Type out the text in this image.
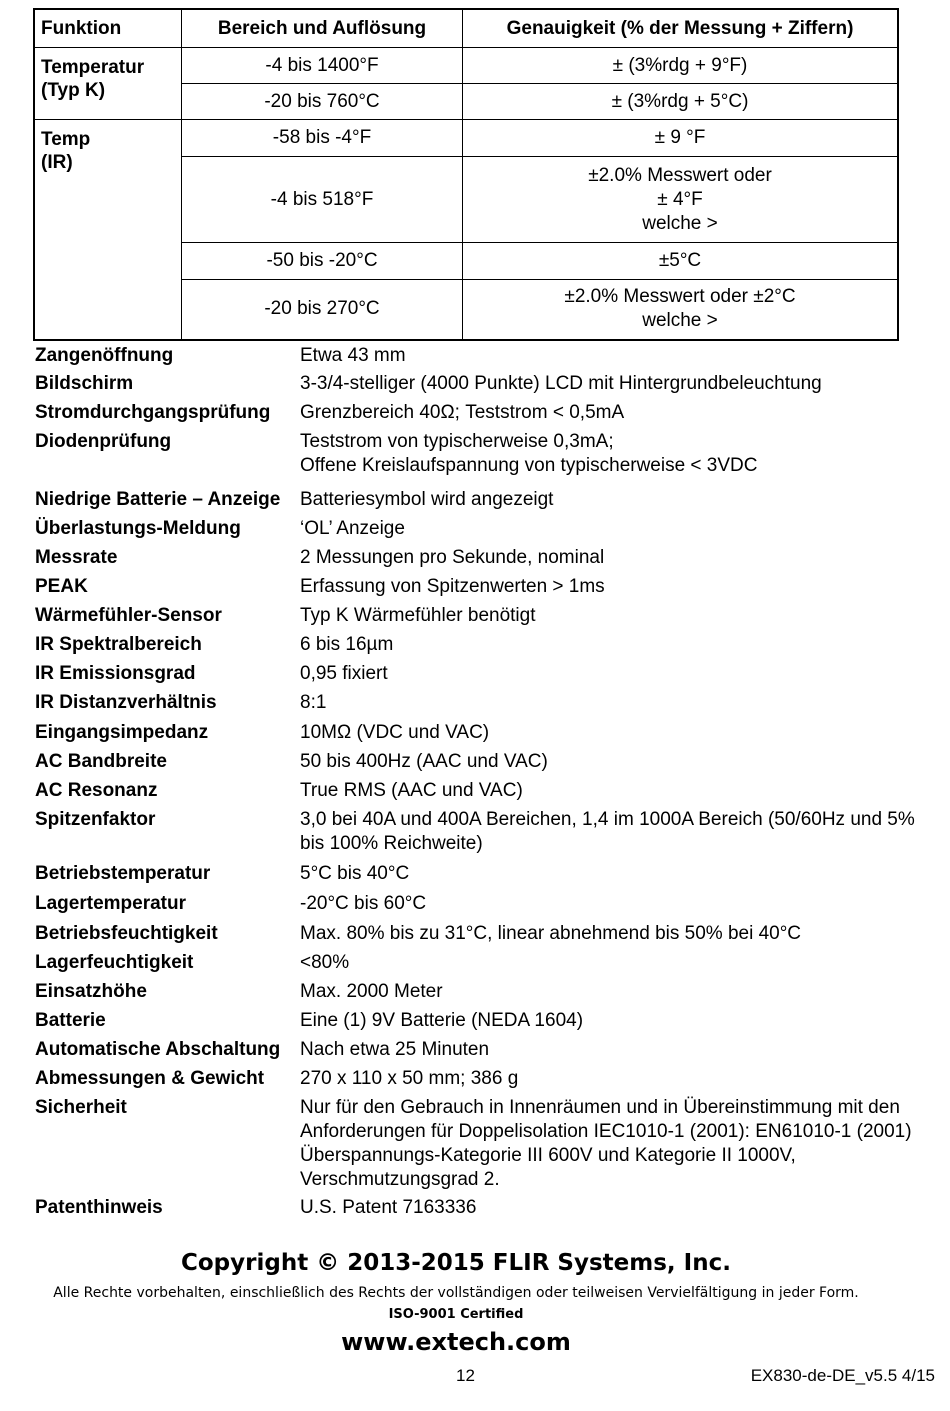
Funktion	Bereich und Auflösung	Genauigkeit (% der Messung + Ziffern)
Temperatur
(Typ K)	-4 bis 1400°F	± (3%rdg + 9°F)
	-20 bis 760°C	± (3%rdg + 5°C)
Temp
(IR)	-58 bis -4°F	± 9 °F
	-4 bis 518°F	±2.0% Messwert oder
± 4°F
welche >
	-50 bis -20°C	±5°C
	-20 bis 270°C	±2.0% Messwert oder ±2°C
welche >
Zangenöffnung	Etwa 43 mm
Bildschirm	3-3/4-stelliger (4000 Punkte) LCD mit Hintergrundbeleuchtung
Stromdurchgangsprüfung	Grenzbereich 40Ω; Teststrom < 0,5mA
Diodenprüfung	Teststrom von typischerweise 0,3mA;
Offene Kreislaufspannung von typischerweise < 3VDC
Niedrige Batterie – Anzeige	Batteriesymbol wird angezeigt
Überlastungs-Meldung	‘OL’ Anzeige
Messrate	2 Messungen pro Sekunde, nominal
PEAK	Erfassung von Spitzenwerten > 1ms
Wärmefühler-Sensor	Typ K Wärmefühler benötigt
IR Spektralbereich	6 bis 16µm
IR Emissionsgrad	0,95 fixiert
IR Distanzverhältnis	8:1
Eingangsimpedanz	10MΩ (VDC und VAC)
AC Bandbreite	50 bis 400Hz (AAC und VAC)
AC Resonanz	True RMS (AAC und VAC)
Spitzenfaktor	3,0 bei 40A und 400A Bereichen, 1,4 im 1000A Bereich (50/60Hz und 5% bis 100% Reichweite)
Betriebstemperatur	5°C bis 40°C
Lagertemperatur	-20°C bis 60°C
Betriebsfeuchtigkeit	Max. 80% bis zu 31°C, linear abnehmend bis 50% bei 40°C
Lagerfeuchtigkeit	<80%
Einsatzhöhe	Max. 2000 Meter
Batterie	Eine (1) 9V Batterie (NEDA 1604)
Automatische Abschaltung	Nach etwa 25 Minuten
Abmessungen & Gewicht	270 x 110 x 50 mm; 386 g
Sicherheit	Nur für den Gebrauch in Innenräumen und in Übereinstimmung mit den Anforderungen für Doppelisolation IEC1010-1 (2001): EN61010-1 (2001) Überspannungs-Kategorie III 600V und Kategorie II 1000V, Verschmutzungsgrad 2.
Patenthinweis	U.S. Patent 7163336
Copyright © 2013-2015 FLIR Systems, Inc.
Alle Rechte vorbehalten, einschließlich des Rechts der vollständigen oder teilweisen Vervielfältigung in jeder Form.
ISO-9001 Certified
www.extech.com
12	EX830-de-DE_v5.5 4/15
